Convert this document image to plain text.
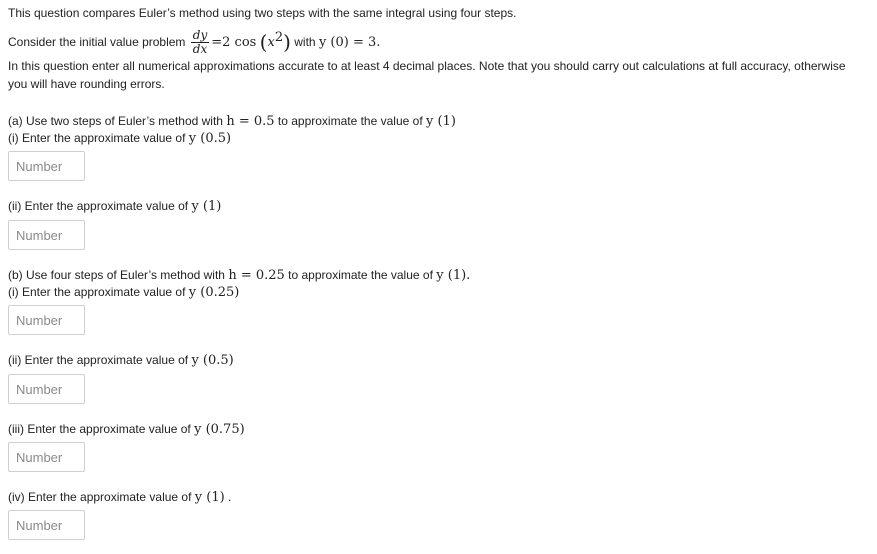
This question compares Euler’s method using two steps with the same integral using four steps.
Consider the initial value problem $\frac{dy}{dx} =2$ $\cos (x^2)$ with y (0) = 3.
In this question enter all numerical approximations accurate to at least 4 decimal places. Note that you should carry out calculations at full accuracy, otherwise you will have rounding errors.
(a) Use two steps of Euler’s method with h = 0.5 to approximate the value of y (1)
(i) Enter the approximate value of y (0.5)
Number
(ii) Enter the approximate value of y (1)
Number
(b) Use four steps of Euler’s method with h = 0.25 to approximate the value of y (1).
(i) Enter the approximate value of y (0.25)
Number
(ii) Enter the approximate value of y (0.5)
Number
(iii) Enter the approximate value of y (0.75)
Number
(iv) Enter the approximate value of y (1) .
Number
